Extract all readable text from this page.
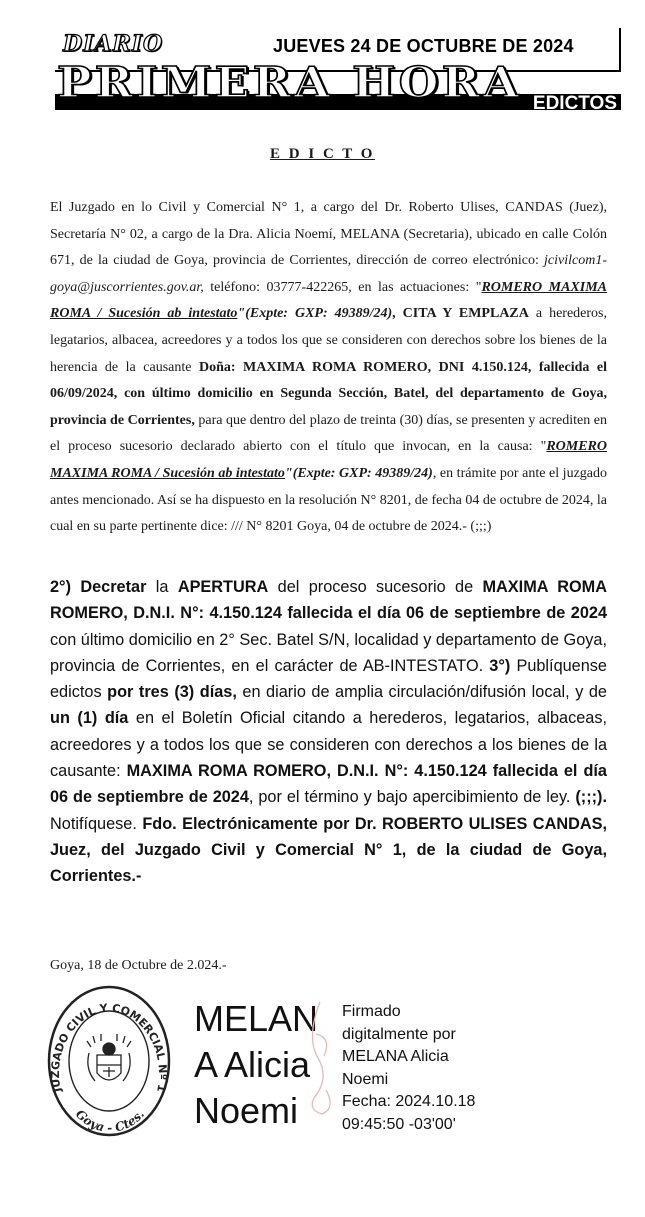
DIARIO	JUEVES 24 DE OCTUBRE DE 2024
PRIMERA HORA EDICTOS
E D I C T O
El Juzgado en lo Civil y Comercial N° 1, a cargo del Dr. Roberto Ulises, CANDAS (Juez), Secretaría N° 02, a cargo de la Dra. Alicia Noemí, MELANA (Secretaria), ubicado en calle Colón 671, de la ciudad de Goya, provincia de Corrientes, dirección de correo electrónico: jcivilcom1-goya@juscorrientes.gov.ar, teléfono: 03777-422265, en las actuaciones: "ROMERO MAXIMA ROMA / Sucesión ab intestato"(Expte: GXP: 49389/24), CITA Y EMPLAZA a herederos, legatarios, albacea, acreedores y a todos los que se consideren con derechos sobre los bienes de la herencia de la causante Doña: MAXIMA ROMA ROMERO, DNI 4.150.124, fallecida el 06/09/2024, con último domicilio en Segunda Sección, Batel, del departamento de Goya, provincia de Corrientes, para que dentro del plazo de treinta (30) días, se presenten y acrediten en el proceso sucesorio declarado abierto con el título que invocan, en la causa: "ROMERO MAXIMA ROMA / Sucesión ab intestato"(Expte: GXP: 49389/24), en trámite por ante el juzgado antes mencionado. Así se ha dispuesto en la resolución N° 8201, de fecha 04 de octubre de 2024, la cual en su parte pertinente dice: /// N° 8201 Goya, 04 de octubre de 2024.- (;;;)
2°) Decretar la APERTURA del proceso sucesorio de MAXIMA ROMA ROMERO, D.N.I. N°: 4.150.124 fallecida el día 06 de septiembre de 2024 con último domicilio en 2° Sec. Batel S/N, localidad y departamento de Goya, provincia de Corrientes, en el carácter de AB-INTESTATO. 3°) Publíquense edictos por tres (3) días, en diario de amplia circulación/difusión local, y de un (1) día en el Boletín Oficial citando a herederos, legatarios, albaceas, acreedores y a todos los que se consideren con derechos a los bienes de la causante: MAXIMA ROMA ROMERO, D.N.I. N°: 4.150.124 fallecida el día 06 de septiembre de 2024, por el término y bajo apercibimiento de ley. (;;;). Notifíquese. Fdo. Electrónicamente por Dr. ROBERTO ULISES CANDAS, Juez, del Juzgado Civil y Comercial N° 1, de la ciudad de Goya, Corrientes.-
Goya, 18 de Octubre de 2.024.-
JUZGADO CIVIL Y COMERCIAL Nº 1
Goya - Ctes.
MELAN
A Alicia
Noemi
Firmado
digitalmente por
MELANA Alicia
Noemi
Fecha: 2024.10.18
09:45:50 -03'00'
